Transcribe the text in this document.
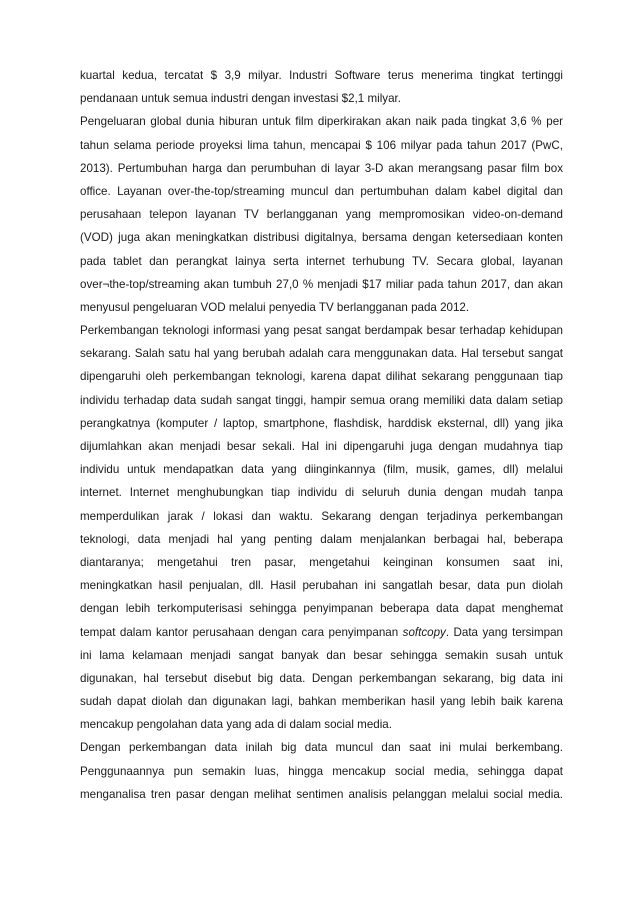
kuartal kedua, tercatat $ 3,9 milyar. Industri Software terus menerima tingkat tertinggi
pendanaan untuk semua industri dengan investasi $2,1 milyar.
Pengeluaran global dunia hiburan untuk film diperkirakan akan naik pada tingkat 3,6 % per
tahun selama periode proyeksi lima tahun, mencapai $ 106 milyar pada tahun 2017 (PwC,
2013). Pertumbuhan harga dan perumbuhan di layar 3-D akan merangsang pasar film box
office. Layanan over-the-top/streaming muncul dan pertumbuhan dalam kabel digital dan
perusahaan telepon layanan TV berlangganan yang mempromosikan video-on-demand
(VOD) juga akan meningkatkan distribusi digitalnya, bersama dengan ketersediaan konten
pada tablet dan perangkat lainya serta internet terhubung TV. Secara global, layanan
over¬the-top/streaming akan tumbuh 27,0 % menjadi $17 miliar pada tahun 2017, dan akan
menyusul pengeluaran VOD melalui penyedia TV berlangganan pada 2012.
Perkembangan teknologi informasi yang pesat sangat berdampak besar terhadap kehidupan
sekarang. Salah satu hal yang berubah adalah cara menggunakan data. Hal tersebut sangat
dipengaruhi oleh perkembangan teknologi, karena dapat dilihat sekarang penggunaan tiap
individu terhadap data sudah sangat tinggi, hampir semua orang memiliki data dalam setiap
perangkatnya (komputer / laptop, smartphone, flashdisk, harddisk eksternal, dll) yang jika
dijumlahkan akan menjadi besar sekali. Hal ini dipengaruhi juga dengan mudahnya tiap
individu untuk mendapatkan data yang diinginkannya (film, musik, games, dll) melalui
internet. Internet menghubungkan tiap individu di seluruh dunia dengan mudah tanpa
memperdulikan jarak / lokasi dan waktu. Sekarang dengan terjadinya perkembangan
teknologi, data menjadi hal yang penting dalam menjalankan berbagai hal, beberapa
diantaranya; mengetahui tren pasar, mengetahui keinginan konsumen saat ini,
meningkatkan hasil penjualan, dll. Hasil perubahan ini sangatlah besar, data pun diolah
dengan lebih terkomputerisasi sehingga penyimpanan beberapa data dapat menghemat
tempat dalam kantor perusahaan dengan cara penyimpanan softcopy. Data yang tersimpan
ini lama kelamaan menjadi sangat banyak dan besar sehingga semakin susah untuk
digunakan, hal tersebut disebut big data. Dengan perkembangan sekarang, big data ini
sudah dapat diolah dan digunakan lagi, bahkan memberikan hasil yang lebih baik karena
mencakup pengolahan data yang ada di dalam social media.
Dengan perkembangan data inilah big data muncul dan saat ini mulai berkembang.
Penggunaannya pun semakin luas, hingga mencakup social media, sehingga dapat
menganalisa tren pasar dengan melihat sentimen analisis pelanggan melalui social media.
